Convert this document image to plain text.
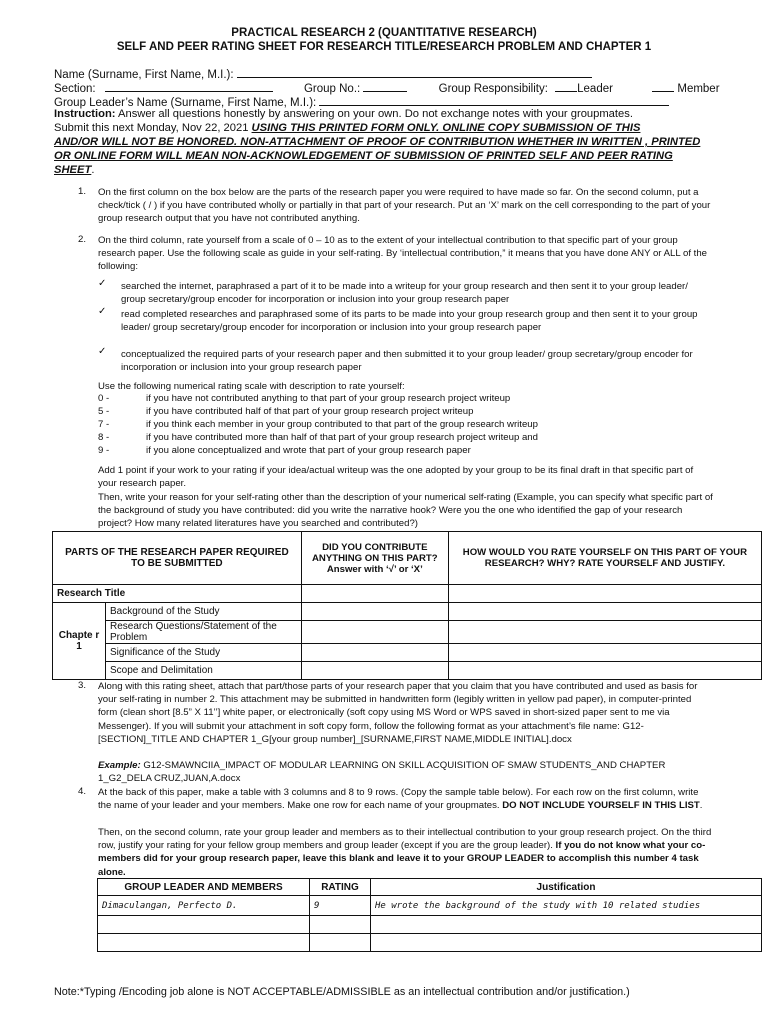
PRACTICAL RESEARCH 2 (QUANTITATIVE RESEARCH)
SELF AND PEER RATING SHEET FOR RESEARCH TITLE/RESEARCH PROBLEM AND CHAPTER 1
Name (Surname, First Name, M.I.):
Section:	Group No.:	Group Responsibility:	Leader	Member
Group Leader’s Name (Surname, First Name, M.I.):
Instruction: Answer all questions honestly by answering on your own. Do not exchange notes with your groupmates.
Submit this next Monday, Nov 22, 2021 USING THIS PRINTED FORM ONLY. ONLINE COPY SUBMISSION OF THIS
AND/OR WILL NOT BE HONORED. NON-ATTACHMENT OF PROOF OF CONTRIBUTION WHETHER IN WRITTEN , PRINTED
OR ONLINE FORM WILL MEAN NON-ACKNOWLEDGEMENT OF SUBMISSION OF PRINTED SELF AND PEER RATING
SHEET.
1. On the first column on the box below are the parts of the research paper you were required to have made so far. On the second column, put a check/tick ( / ) if you have contributed wholly or partially in that part of your research. Put an ‘X’ mark on the cell corresponding to the part of your group research output that you have not contributed anything.
2. On the third column, rate yourself from a scale of 0 – 10 as to the extent of your intellectual contribution to that specific part of your group research paper. Use the following scale as guide in your self-rating. By ‘intellectual contribution,” it means that you have done ANY or ALL of the following:
✓ searched the internet, paraphrased a part of it to be made into a writeup for your group research and then sent it to your group leader/ group secretary/group encoder for incorporation or inclusion into your group research paper
✓ read completed researches and paraphrased some of its parts to be made into your group research group and then sent it to your group leader/ group secretary/group encoder for incorporation or inclusion into your group research paper
✓ conceptualized the required parts of your research paper and then submitted it to your group leader/ group secretary/group encoder for incorporation or inclusion into your group research paper
Use the following numerical rating scale with description to rate yourself:
0 -	if you have not contributed anything to that part of your group research project writeup
5 -	if you have contributed half of that part of your group research project writeup
7 -	if you think each member in your group contributed to that part of the group research writeup
8 -	if you have contributed more than half of that part of your group research project writeup and
9 -	if you alone conceptualized and wrote that part of your group research paper
Add 1 point if your work to your rating if your idea/actual writeup was the one adopted by your group to be its final draft in that specific part of your research paper.
Then, write your reason for your self-rating other than the description of your numerical self-rating (Example, you can specify what specific part of the background of study you have contributed: did you write the narrative hook? Were you the one who identified the gap of your research project? How many related literatures have you searched and contributed?)
PARTS OF THE RESEARCH PAPER REQUIRED TO BE SUBMITTED		DID YOU CONTRIBUTE ANYTHING ON THIS PART? Answer with ‘√’ or ‘X’	HOW WOULD YOU RATE YOURSELF ON THIS PART OF YOUR RESEARCH? WHY? RATE YOURSELF AND JUSTIFY.
Research Title			
Chapte r 1	Background of the Study		
	Research Questions/Statement of the Problem		
	Significance of the Study		
	Scope and Delimitation		
3. Along with this rating sheet, attach that part/those parts of your research paper that you claim that you have contributed and used as basis for your self-rating in number 2. This attachment may be submitted in handwritten form (legibly written in yellow pad paper), in computer-printed form (clean short [8.5” X 11’’] white paper, or electronically (soft copy using MS Word or WPS saved in short-sized paper sent to me via Messenger). If you will submit your attachment in soft copy form, follow the following format as your attachment’s file name: G12-[SECTION]_TITLE AND CHAPTER 1_G[your group number]_[SURNAME,FIRST NAME,MIDDLE INITIAL].docx
Example: G12-SMAWNCIIA_IMPACT OF MODULAR LEARNING ON SKILL ACQUISITION OF SMAW STUDENTS_AND CHAPTER 1_G2_DELA CRUZ,JUAN,A.docx
4. At the back of this paper, make a table with 3 columns and 8 to 9 rows. (Copy the sample table below). For each row on the first column, write the name of your leader and your members. Make one row for each name of your groupmates. DO NOT INCLUDE YOURSELF IN THIS LIST.
Then, on the second column, rate your group leader and members as to their intellectual contribution to your group research project. On the third row, justify your rating for your fellow group members and group leader (except if you are the group leader). If you do not know what your co-members did for your group research paper, leave this blank and leave it to your GROUP LEADER to accomplish this number 4 task alone.
GROUP LEADER AND MEMBERS	RATING	Justification
Dimaculangan, Perfecto D.	9	He wrote the background of the study with 10 related studies

Note:*Typing /Encoding job alone is NOT ACCEPTABLE/ADMISSIBLE as an intellectual contribution and/or justification.)
